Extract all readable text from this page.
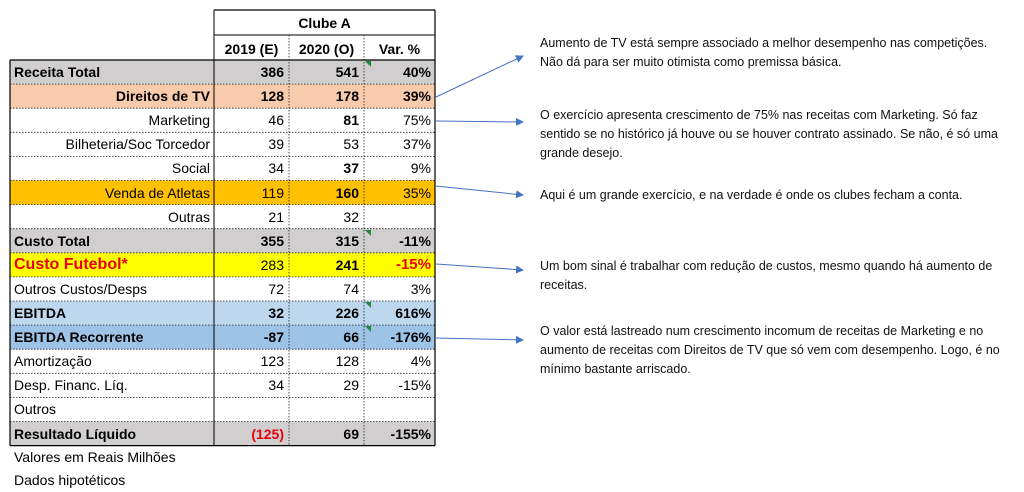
Clube A
2019 (E)	2020 (O)	Var. %
Receita Total	386	541	40%
Direitos de TV	128	178	39%
Marketing	46	81	75%
Bilheteria/Soc Torcedor	39	53	37%
Social	34	37	9%
Venda de Atletas	119	160	35%
Outras	21	32
Custo Total	355	315	-11%
Custo Futebol*	283	241	-15%
Outros Custos/Desps	72	74	3%
EBITDA	32	226	616%
EBITDA Recorrente	-87	66	-176%
Amortização	123	128	4%
Desp. Financ. Líq.	34	29	-15%
Outros
Resultado Líquido	(125)	69	-155%
Aumento de TV está sempre associado a melhor desempenho nas competições. Não dá para ser muito otimista como premissa básica.
O exercício apresenta crescimento de 75% nas receitas com Marketing. Só faz sentido se no histórico já houve ou se houver contrato assinado. Se não, é só uma grande desejo.
Aqui é um grande exercício, e na verdade é onde os clubes fecham a conta.
Um bom sinal é trabalhar com redução de custos, mesmo quando há aumento de receitas.
O valor está lastreado num crescimento incomum de receitas de Marketing e no aumento de receitas com Direitos de TV que só vem com desempenho. Logo, é no mínimo bastante arriscado.
Valores em Reais Milhões
Dados hipotéticos
